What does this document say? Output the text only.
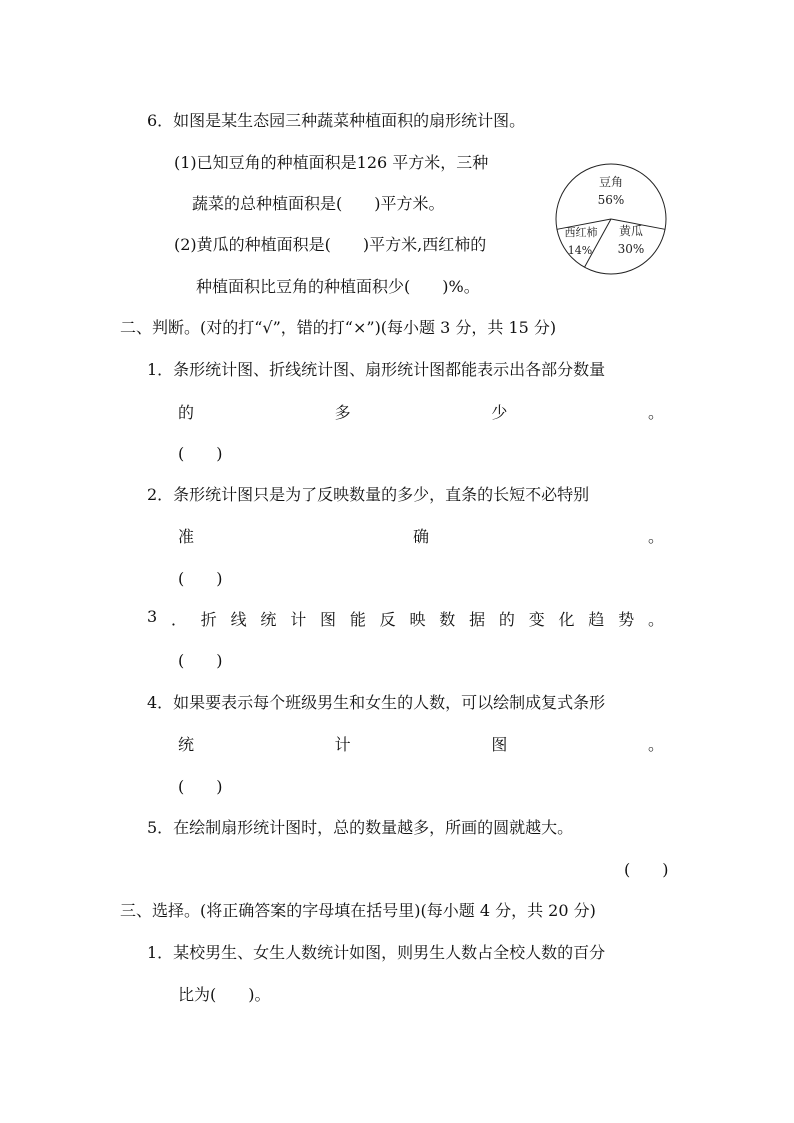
6．如图是某生态园三种蔬菜种植面积的扇形统计图。
(1)已知豆角的种植面积是126 平方米，三种
蔬菜的总种植面积是(　　)平方米。
(2)黄瓜的种植面积是(　　)平方米,西红柿的
种植面积比豆角的种植面积少(　　)%。
豆角
56%
黄瓜
30%
西红柿
14%
二、判断。(对的打“√”，错的打“×”)(每小题 3 分，共 15 分)
1．条形统计图、折线统计图、扇形统计图都能表示出各部分数量
的	多	少	。
(　　)
2．条形统计图只是为了反映数量的多少，直条的长短不必特别
准	确	。
(　　)
3 ． 折 线 统 计 图 能 反 映 数 据 的 变 化 趋 势 。
(　　)
4．如果要表示每个班级男生和女生的人数，可以绘制成复式条形
统	计	图	。
(　　)
5．在绘制扇形统计图时，总的数量越多，所画的圆就越大。
(　　)
三、选择。(将正确答案的字母填在括号里)(每小题 4 分，共 20 分)
1．某校男生、女生人数统计如图，则男生人数占全校人数的百分
比为(　　)。
